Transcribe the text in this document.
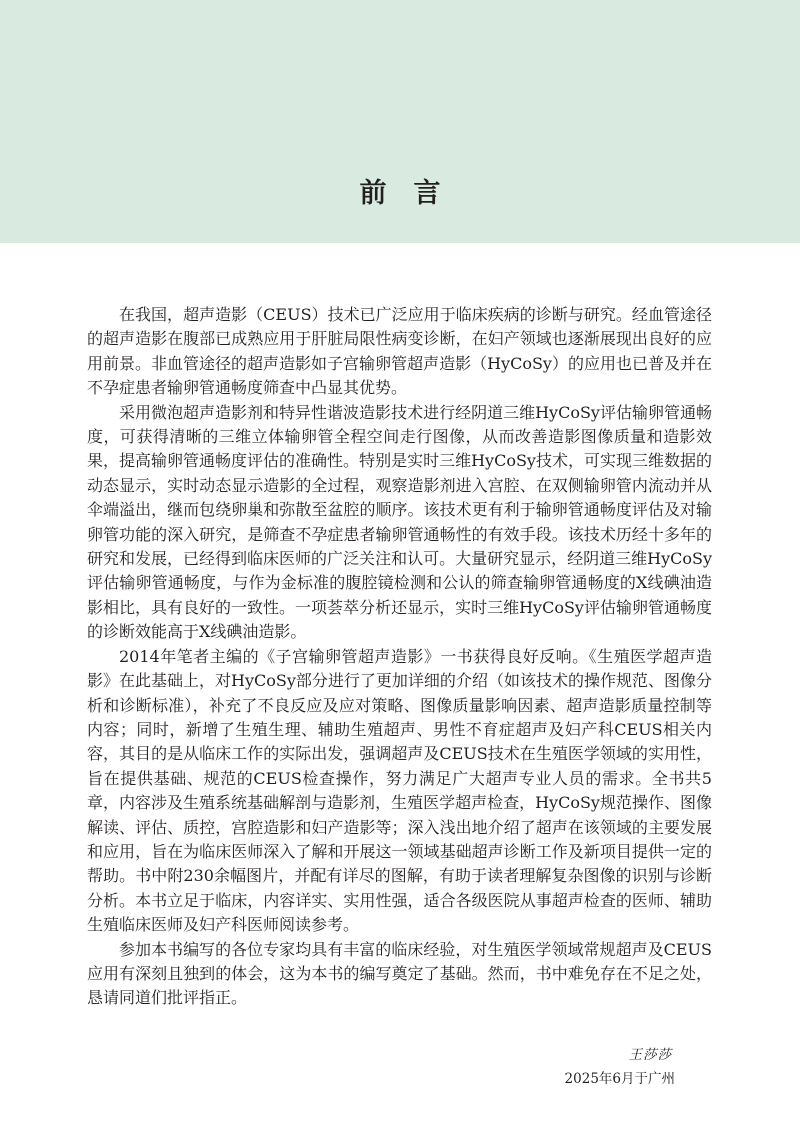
前　言

在我国，超声造影（CEUS）技术已广泛应用于临床疾病的诊断与研究。经血管途径的超声造影在腹部已成熟应用于肝脏局限性病变诊断，在妇产领域也逐渐展现出良好的应用前景。非血管途径的超声造影如子宫输卵管超声造影（HyCoSy）的应用也已普及并在不孕症患者输卵管通畅度筛查中凸显其优势。

采用微泡超声造影剂和特异性谐波造影技术进行经阴道三维HyCoSy评估输卵管通畅度，可获得清晰的三维立体输卵管全程空间走行图像，从而改善造影图像质量和造影效果，提高输卵管通畅度评估的准确性。特别是实时三维HyCoSy技术，可实现三维数据的动态显示，实时动态显示造影的全过程，观察造影剂进入宫腔、在双侧输卵管内流动并从伞端溢出，继而包绕卵巢和弥散至盆腔的顺序。该技术更有利于输卵管通畅度评估及对输卵管功能的深入研究，是筛查不孕症患者输卵管通畅性的有效手段。该技术历经十多年的研究和发展，已经得到临床医师的广泛关注和认可。大量研究显示，经阴道三维HyCoSy评估输卵管通畅度，与作为金标准的腹腔镜检测和公认的筛查输卵管通畅度的X线碘油造影相比，具有良好的一致性。一项荟萃分析还显示，实时三维HyCoSy评估输卵管通畅度的诊断效能高于X线碘油造影。

2014年笔者主编的《子宫输卵管超声造影》一书获得良好反响。《生殖医学超声造影》在此基础上，对HyCoSy部分进行了更加详细的介绍（如该技术的操作规范、图像分析和诊断标准），补充了不良反应及应对策略、图像质量影响因素、超声造影质量控制等内容；同时，新增了生殖生理、辅助生殖超声、男性不育症超声及妇产科CEUS相关内容，其目的是从临床工作的实际出发，强调超声及CEUS技术在生殖医学领域的实用性，旨在提供基础、规范的CEUS检查操作，努力满足广大超声专业人员的需求。全书共5章，内容涉及生殖系统基础解剖与造影剂，生殖医学超声检查，HyCoSy规范操作、图像解读、评估、质控，宫腔造影和妇产造影等；深入浅出地介绍了超声在该领域的主要发展和应用，旨在为临床医师深入了解和开展这一领域基础超声诊断工作及新项目提供一定的帮助。书中附230余幅图片，并配有详尽的图解，有助于读者理解复杂图像的识别与诊断分析。本书立足于临床，内容详实、实用性强，适合各级医院从事超声检查的医师、辅助生殖临床医师及妇产科医师阅读参考。

参加本书编写的各位专家均具有丰富的临床经验，对生殖医学领域常规超声及CEUS应用有深刻且独到的体会，这为本书的编写奠定了基础。然而，书中难免存在不足之处，恳请同道们批评指正。

王莎莎
2025年6月于广州
